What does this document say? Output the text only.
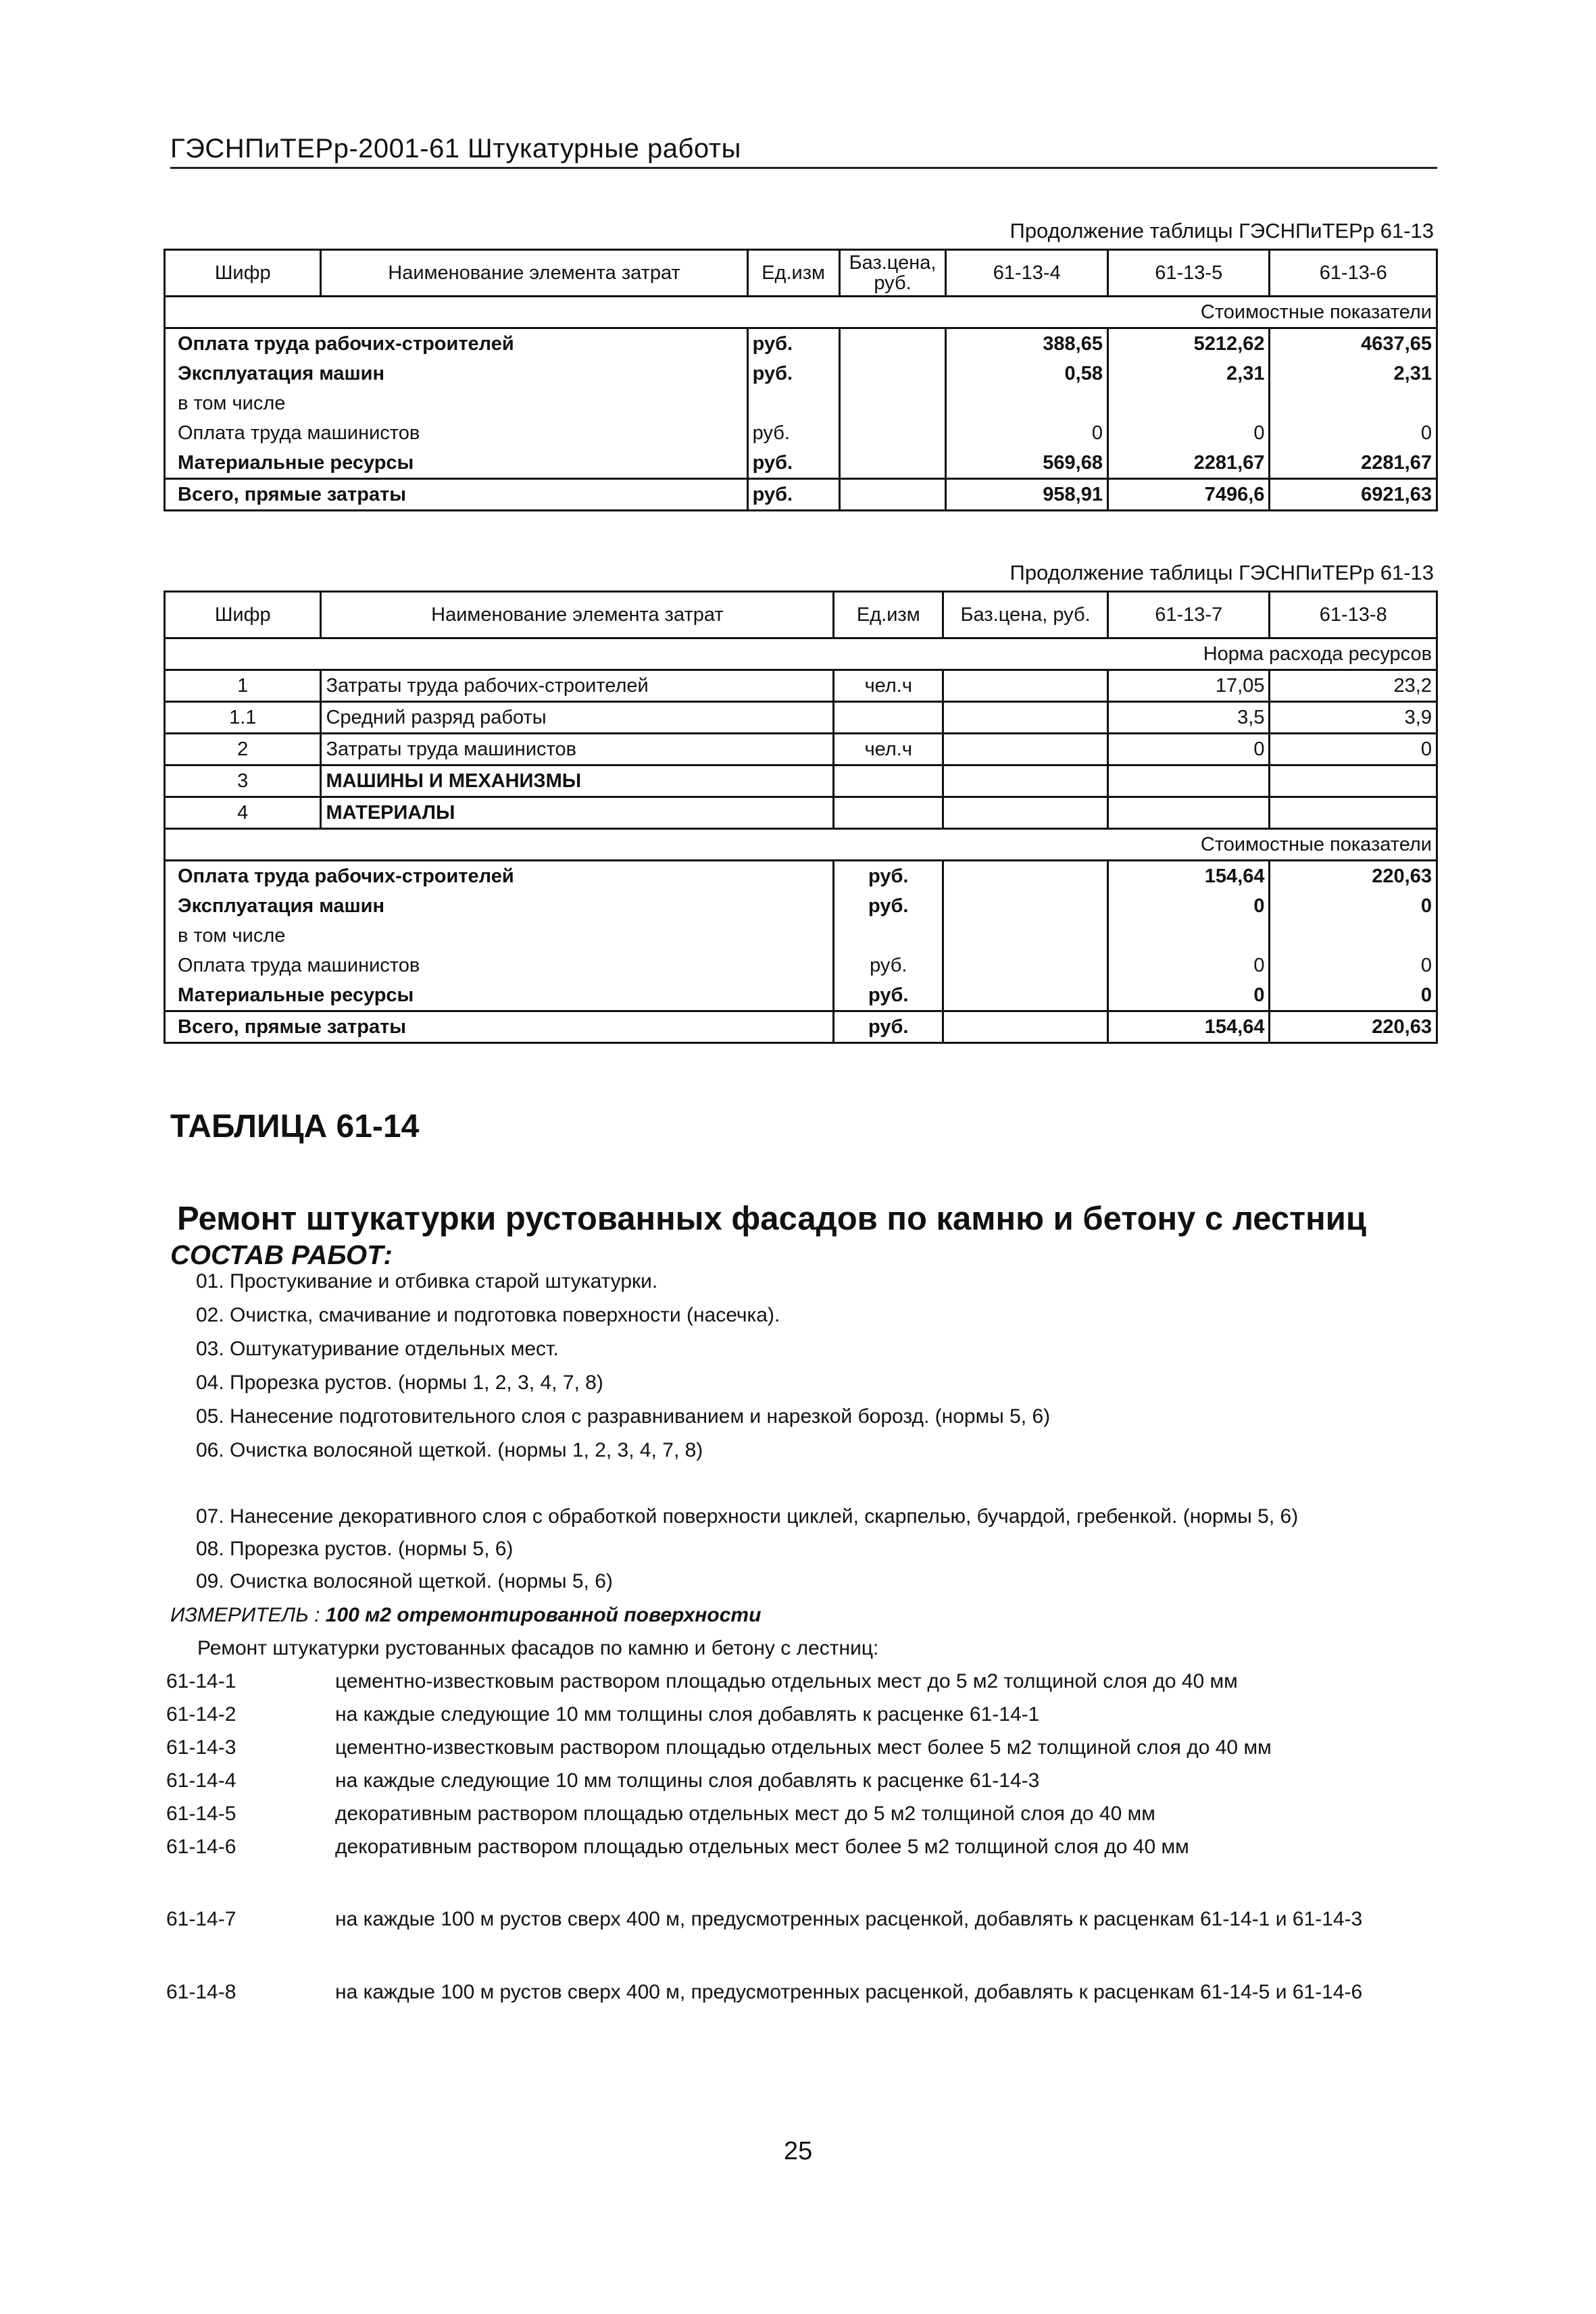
ГЭСНПиТЕРр-2001-61 Штукатурные работы
Продолжение таблицы ГЭСНПиТЕРр 61-13
Шифр	Наименование элемента затрат	Ед.изм	Баз.цена, руб.	61-13-4	61-13-5	61-13-6
Стоимостные показатели						
Оплата труда рабочих-строителей		руб.		388,65	5212,62	4637,65
Эксплуатация машин		руб.		0,58	2,31	2,31
в том числе						
Оплата труда машинистов		руб.		0	0	0
Материальные ресурсы		руб.		569,68	2281,67	2281,67
Всего, прямые затраты		руб.		958,91	7496,6	6921,63
Продолжение таблицы ГЭСНПиТЕРр 61-13
Шифр	Наименование элемента затрат	Ед.изм	Баз.цена, руб.	61-13-7	61-13-8
Норма расхода ресурсов					
1	Затраты труда рабочих-строителей	чел.ч		17,05	23,2
1.1	Средний разряд работы			3,5	3,9
2	Затраты труда машинистов	чел.ч		0	0
3	МАШИНЫ И МЕХАНИЗМЫ				
4	МАТЕРИАЛЫ				
Стоимостные показатели					
Оплата труда рабочих-строителей		руб.		154,64	220,63
Эксплуатация машин		руб.		0	0
в том числе					
Оплата труда машинистов		руб.		0	0
Материальные ресурсы		руб.		0	0
Всего, прямые затраты		руб.		154,64	220,63
ТАБЛИЦА 61-14
Ремонт штукатурки рустованных фасадов по камню и бетону с лестниц
СОСТАВ РАБОТ:
01. Простукивание и отбивка старой штукатурки.
02. Очистка, смачивание и подготовка поверхности (насечка).
03. Оштукатуривание отдельных мест.
04. Прорезка рустов. (нормы 1, 2, 3, 4, 7, 8)
05. Нанесение подготовительного слоя с разравниванием и нарезкой борозд. (нормы 5, 6)
06. Очистка волосяной щеткой. (нормы 1, 2, 3, 4, 7, 8)
07. Нанесение декоративного слоя с обработкой поверхности циклей, скарпелью, бучардой, гребенкой. (нормы 5, 6)
08. Прорезка рустов. (нормы 5, 6)
09. Очистка волосяной щеткой. (нормы 5, 6)
ИЗМЕРИТЕЛЬ : 100 м2 отремонтированной поверхности
Ремонт штукатурки рустованных фасадов по камню и бетону с лестниц:
61-14-1	цементно-известковым раствором площадью отдельных мест до 5 м2 толщиной слоя до 40 мм
61-14-2	на каждые следующие 10 мм толщины слоя добавлять к расценке 61-14-1
61-14-3	цементно-известковым раствором площадью отдельных мест более 5 м2 толщиной слоя до 40 мм
61-14-4	на каждые следующие 10 мм толщины слоя добавлять к расценке 61-14-3
61-14-5	декоративным раствором площадью отдельных мест до 5 м2 толщиной слоя до 40 мм
61-14-6	декоративным раствором площадью отдельных мест более 5 м2 толщиной слоя до 40 мм
61-14-7	на каждые 100 м рустов сверх 400 м, предусмотренных расценкой, добавлять к расценкам 61-14-1 и 61-14-3
61-14-8	на каждые 100 м рустов сверх 400 м, предусмотренных расценкой, добавлять к расценкам 61-14-5 и 61-14-6
25
